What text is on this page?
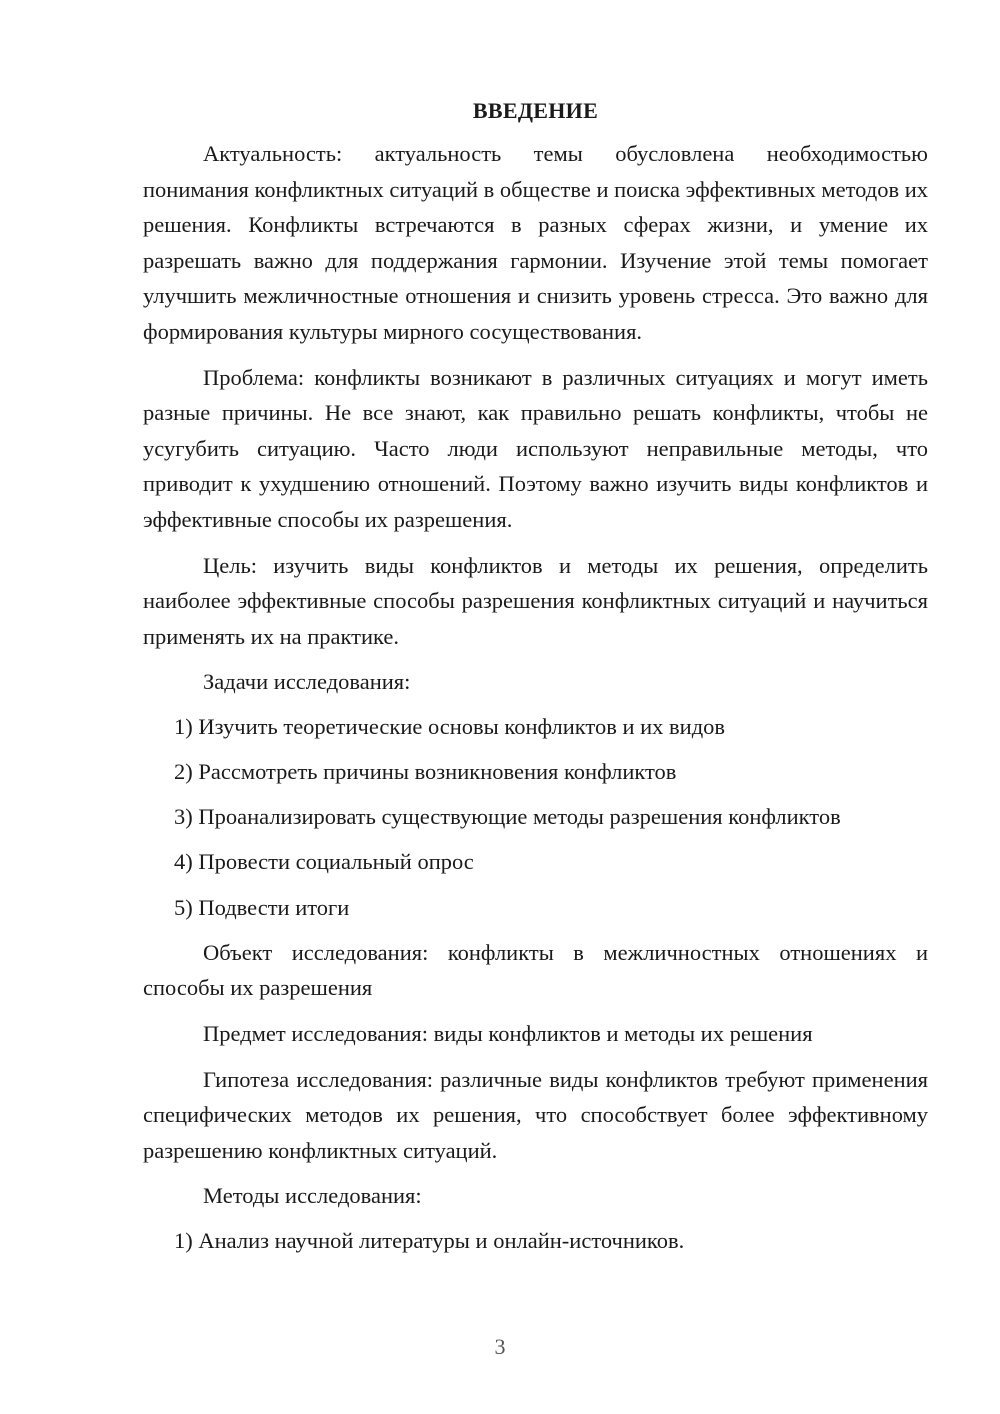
ВВЕДЕНИЕ

Актуальность: актуальность темы обусловлена необходимостью понимания конфликтных ситуаций в обществе и поиска эффективных методов их решения. Конфликты встречаются в разных сферах жизни, и умение их разрешать важно для поддержания гармонии. Изучение этой темы помогает улучшить межличностные отношения и снизить уровень стресса. Это важно для формирования культуры мирного сосуществования.

Проблема: конфликты возникают в различных ситуациях и могут иметь разные причины. Не все знают, как правильно решать конфликты, чтобы не усугубить ситуацию. Часто люди используют неправильные методы, что приводит к ухудшению отношений. Поэтому важно изучить виды конфликтов и эффективные способы их разрешения.

Цель: изучить виды конфликтов и методы их решения, определить наиболее эффективные способы разрешения конфликтных ситуаций и научиться применять их на практике.

Задачи исследования:

1) Изучить теоретические основы конфликтов и их видов
2) Рассмотреть причины возникновения конфликтов
3) Проанализировать существующие методы разрешения конфликтов
4) Провести социальный опрос
5) Подвести итоги

Объект исследования: конфликты в межличностных отношениях и способы их разрешения

Предмет исследования: виды конфликтов и методы их решения

Гипотеза исследования: различные виды конфликтов требуют применения специфических методов их решения, что способствует более эффективному разрешению конфликтных ситуаций.

Методы исследования:

1) Анализ научной литературы и онлайн-источников.
3
